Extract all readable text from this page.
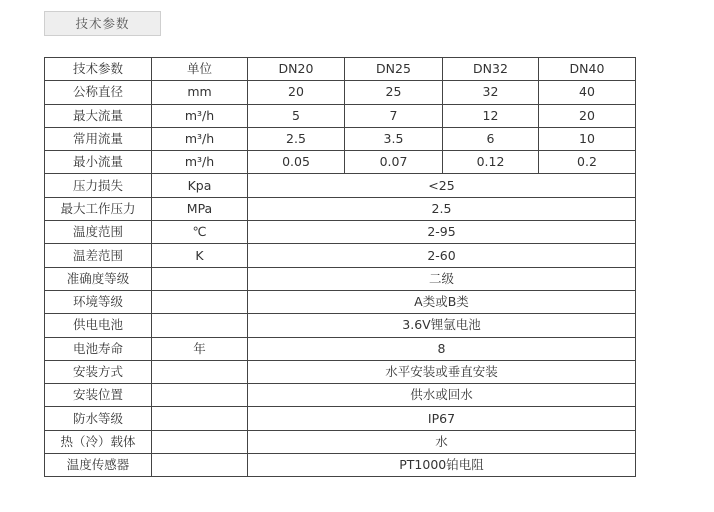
技术参数
技术参数	单位	DN20	DN25	DN32	DN40
公称直径	mm	20	25	32	40
最大流量	m³/h	5	7	12	20
常用流量	m³/h	2.5	3.5	6	10
最小流量	m³/h	0.05	0.07	0.12	0.2
压力损失	Kpa	<25			
最大工作压力	MPa	2.5			
温度范围	℃	2-95			
温差范围	K	2-60			
准确度等级		二级			
环境等级		A类或B类			
供电电池		3.6V锂氩电池			
电池寿命	年	8			
安装方式		水平安装或垂直安装			
安装位置		供水或回水			
防水等级		IP67			
热（冷）载体		水			
温度传感器		PT1000铂电阻			
